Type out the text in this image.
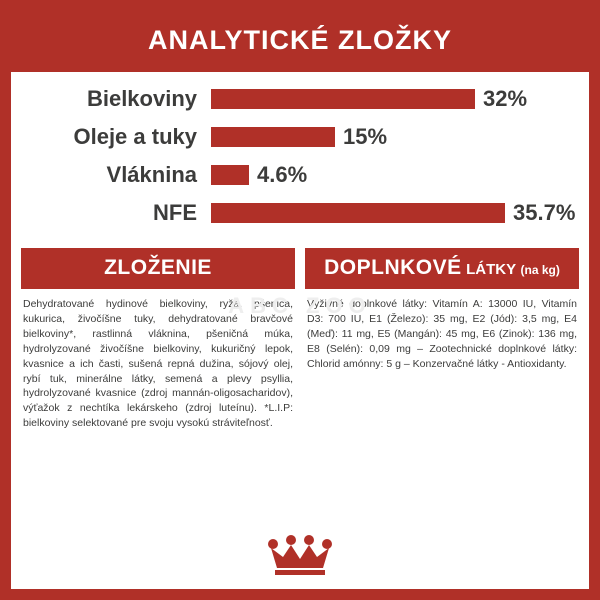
ANALYTICKÉ ZLOŽKY
Bielkoviny	32%
Oleje a tuky	15%
Vláknina	4.6%
NFE	35.7%
ABC ZOO
ZLOŽENIE

Dehydratované hydinové bielkoviny, ryža, pšenica, kukurica, živočíšne tuky, dehydratované bravčové bielkoviny*, rastlinná vláknina, pšeničná múka, hydrolyzované živočíšne bielkoviny, kukuričný lepok, kvasnice a ich časti, sušená repná dužina, sójový olej, rybí tuk, minerálne látky, semená a plevy psyllia, hydrolyzované kvasnice (zdroj mannán-oligosacharidov), výťažok z nechtíka lekárskeho (zdroj luteínu). *L.I.P: bielkoviny selektované pre svoju vysokú stráviteľnosť.

DOPLNKOVÉ LÁTKY (na kg)

Výživné doplnkové látky: Vitamín A: 13000 IU, Vitamín D3: 700 IU, E1 (Železo): 35 mg, E2 (Jód): 3,5 mg, E4 (Meď): 11 mg, E5 (Mangán): 45 mg, E6 (Zinok): 136 mg, E8 (Selén): 0,09 mg – Zootechnické doplnkové látky: Chlorid amónny: 5 g – Konzervačné látky - Antioxidanty.
